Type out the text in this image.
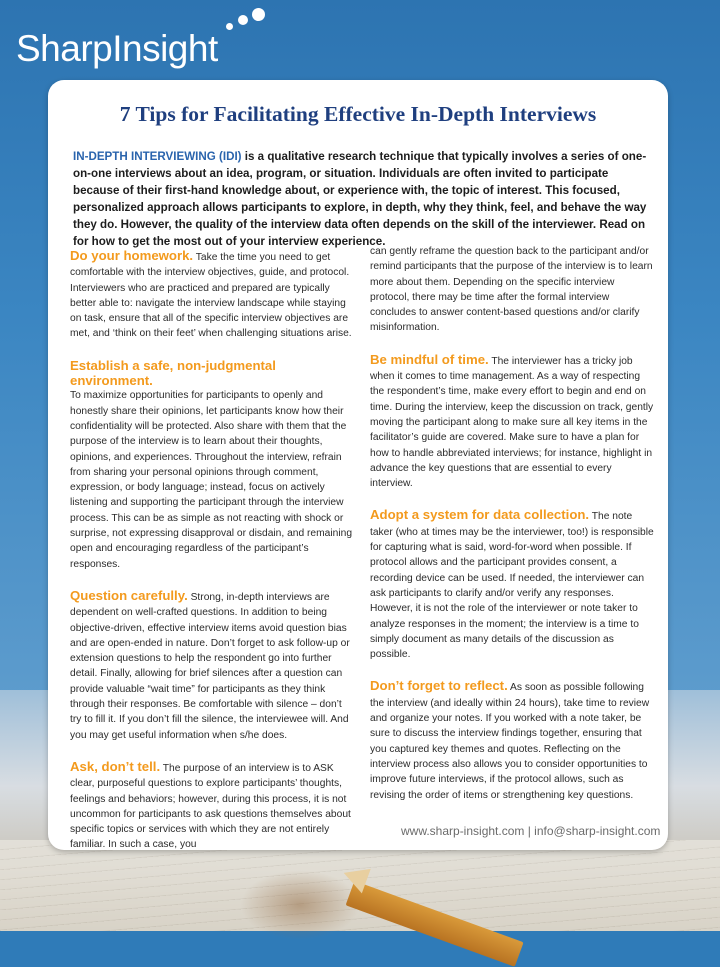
SharpInsight
7 Tips for Facilitating Effective In-Depth Interviews
IN-DEPTH INTERVIEWING (IDI) is a qualitative research technique that typically involves a series of one-on-one interviews about an idea, program, or situation. Individuals are often invited to participate because of their first-hand knowledge about, or experience with, the topic of interest. This focused, personalized approach allows participants to explore, in depth, why they think, feel, and behave the way they do. However, the quality of the interview data often depends on the skill of the interviewer. Read on for how to get the most out of your interview experience.
Do your homework. Take the time you need to get comfortable with the interview objectives, guide, and protocol. Interviewers who are practiced and prepared are typically better able to: navigate the interview landscape while staying on task, ensure that all of the specific interview objectives are met, and ‘think on their feet’ when challenging situations arise.
Establish a safe, non-judgmental environment.
To maximize opportunities for participants to openly and honestly share their opinions, let participants know how their confidentiality will be protected. Also share with them that the purpose of the interview is to learn about their thoughts, opinions, and experiences. Throughout the interview, refrain from sharing your personal opinions through comment, expression, or body language; instead, focus on actively listening and supporting the participant through the interview process. This can be as simple as not reacting with shock or surprise, not expressing disapproval or disdain, and remaining open and encouraging regardless of the participant’s responses.
Question carefully. Strong, in-depth interviews are dependent on well-crafted questions. In addition to being objective-driven, effective interview items avoid question bias and are open-ended in nature. Don’t forget to ask follow-up or extension questions to help the respondent go into further detail. Finally, allowing for brief silences after a question can provide valuable “wait time” for participants as they think through their responses. Be comfortable with silence – don’t try to fill it. If you don’t fill the silence, the interviewee will. And you may get useful information when s/he does.
Ask, don’t tell. The purpose of an interview is to ASK clear, purposeful questions to explore participants’ thoughts, feelings and behaviors; however, during this process, it is not uncommon for participants to ask questions themselves about specific topics or services with which they are not entirely familiar. In such a case, you
can gently reframe the question back to the participant and/or remind participants that the purpose of the interview is to learn more about them. Depending on the specific interview protocol, there may be time after the formal interview concludes to answer content-based questions and/or clarify misinformation.
Be mindful of time. The interviewer has a tricky job when it comes to time management. As a way of respecting the respondent’s time, make every effort to begin and end on time. During the interview, keep the discussion on track, gently moving the participant along to make sure all key items in the facilitator’s guide are covered. Make sure to have a plan for how to handle abbreviated interviews; for instance, highlight in advance the key questions that are essential to every interview.
Adopt a system for data collection. The note taker (who at times may be the interviewer, too!) is responsible for capturing what is said, word-for-word when possible. If protocol allows and the participant provides consent, a recording device can be used. If needed, the interviewer can ask participants to clarify and/or verify any responses. However, it is not the role of the interviewer or note taker to analyze responses in the moment; the interview is a time to simply document as many details of the discussion as possible.
Don’t forget to reflect. As soon as possible following the interview (and ideally within 24 hours), take time to review and organize your notes. If you worked with a note taker, be sure to discuss the interview findings together, ensuring that you captured key themes and quotes. Reflecting on the interview process also allows you to consider opportunities to improve future interviews, if the protocol allows, such as revising the order of items or strengthening key questions.
www.sharp-insight.com | info@sharp-insight.com
